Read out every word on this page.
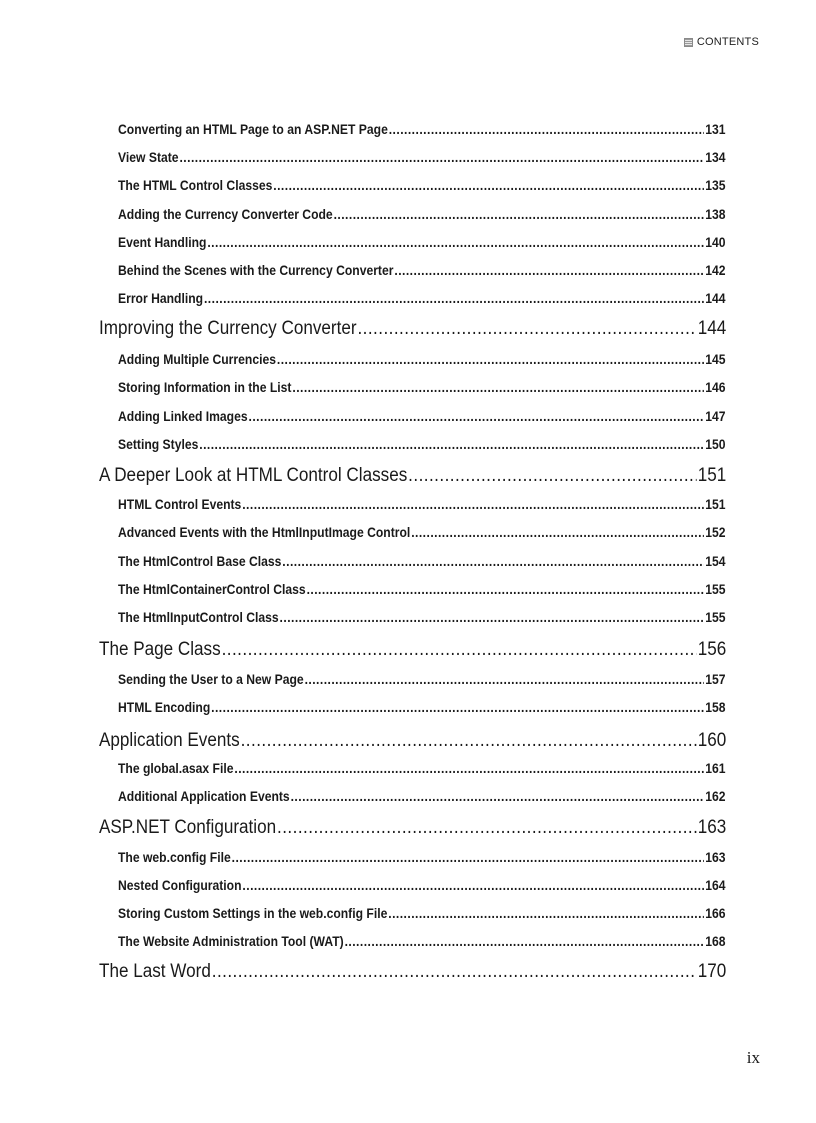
CONTENTS
Converting an HTML Page to an ASP.NET Page .....	131
View State .....	134
The HTML Control Classes .....	135
Adding the Currency Converter Code .....	138
Event Handling .....	140
Behind the Scenes with the Currency Converter .....	142
Error Handling .....	144
Improving the Currency Converter .....	144
Adding Multiple Currencies .....	145
Storing Information in the List .....	146
Adding Linked Images .....	147
Setting Styles .....	150
A Deeper Look at HTML Control Classes .....	151
HTML Control Events .....	151
Advanced Events with the HtmlInputImage Control .....	152
The HtmlControl Base Class .....	154
The HtmlContainerControl Class .....	155
The HtmlInputControl Class .....	155
The Page Class .....	156
Sending the User to a New Page .....	157
HTML Encoding .....	158
Application Events .....	160
The global.asax File .....	161
Additional Application Events .....	162
ASP.NET Configuration .....	163
The web.config File .....	163
Nested Configuration .....	164
Storing Custom Settings in the web.config File .....	166
The Website Administration Tool (WAT) .....	168
The Last Word .....	170
ix
